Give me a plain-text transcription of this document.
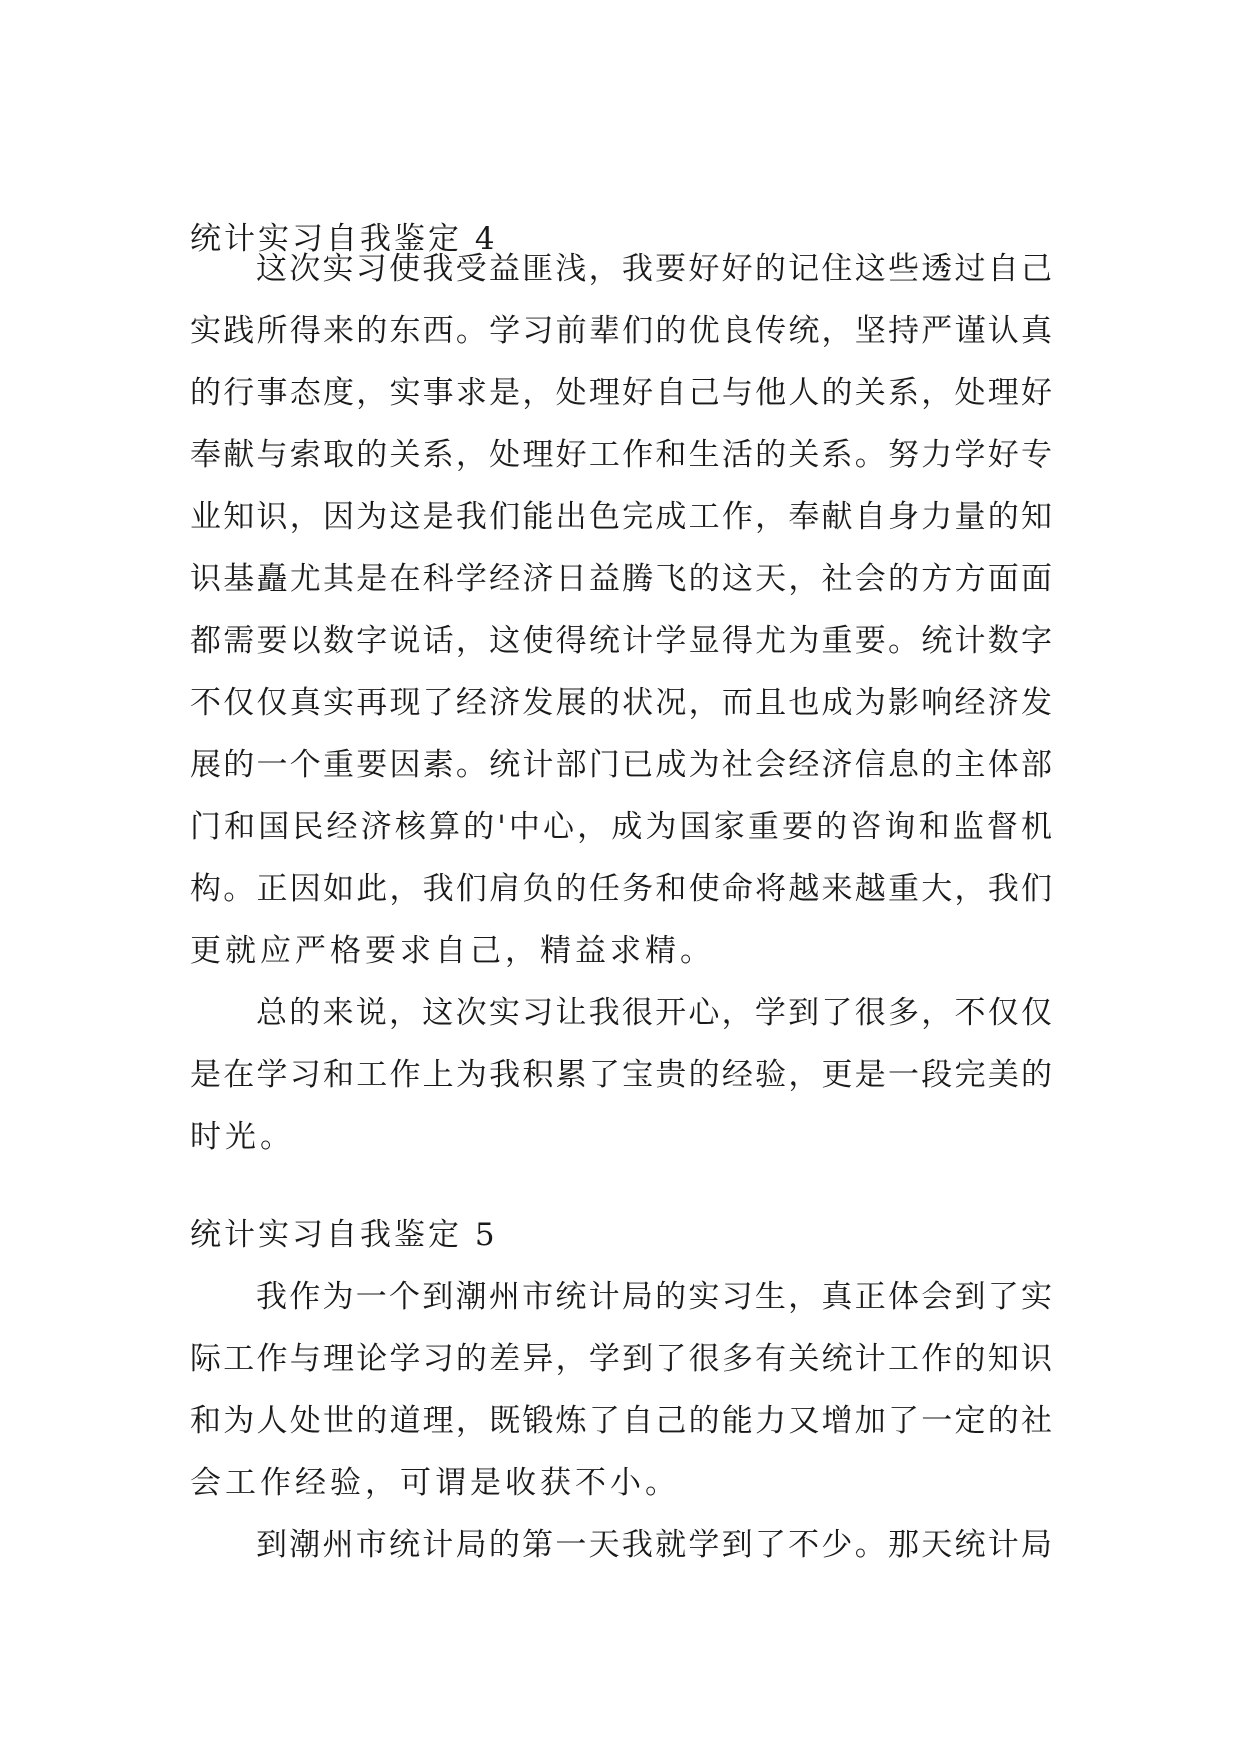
统计实习自我鉴定 4
这次实习使我受益匪浅，我要好好的记住这些透过自己
实践所得来的东西。学习前辈们的优良传统，坚持严谨认真
的行事态度，实事求是，处理好自己与他人的关系，处理好
奉献与索取的关系，处理好工作和生活的关系。努力学好专
业知识，因为这是我们能出色完成工作，奉献自身力量的知
识基矗尤其是在科学经济日益腾飞的这天，社会的方方面面
都需要以数字说话，这使得统计学显得尤为重要。统计数字
不仅仅真实再现了经济发展的状况，而且也成为影响经济发
展的一个重要因素。统计部门已成为社会经济信息的主体部
门和国民经济核算的'中心，成为国家重要的咨询和监督机
构。正因如此，我们肩负的任务和使命将越来越重大，我们
更就应严格要求自己，精益求精。
总的来说，这次实习让我很开心，学到了很多，不仅仅
是在学习和工作上为我积累了宝贵的经验，更是一段完美的
时光。
统计实习自我鉴定 5
我作为一个到潮州市统计局的实习生，真正体会到了实
际工作与理论学习的差异，学到了很多有关统计工作的知识
和为人处世的道理，既锻炼了自己的能力又增加了一定的社
会工作经验，可谓是收获不小。
到潮州市统计局的第一天我就学到了不少。那天统计局
